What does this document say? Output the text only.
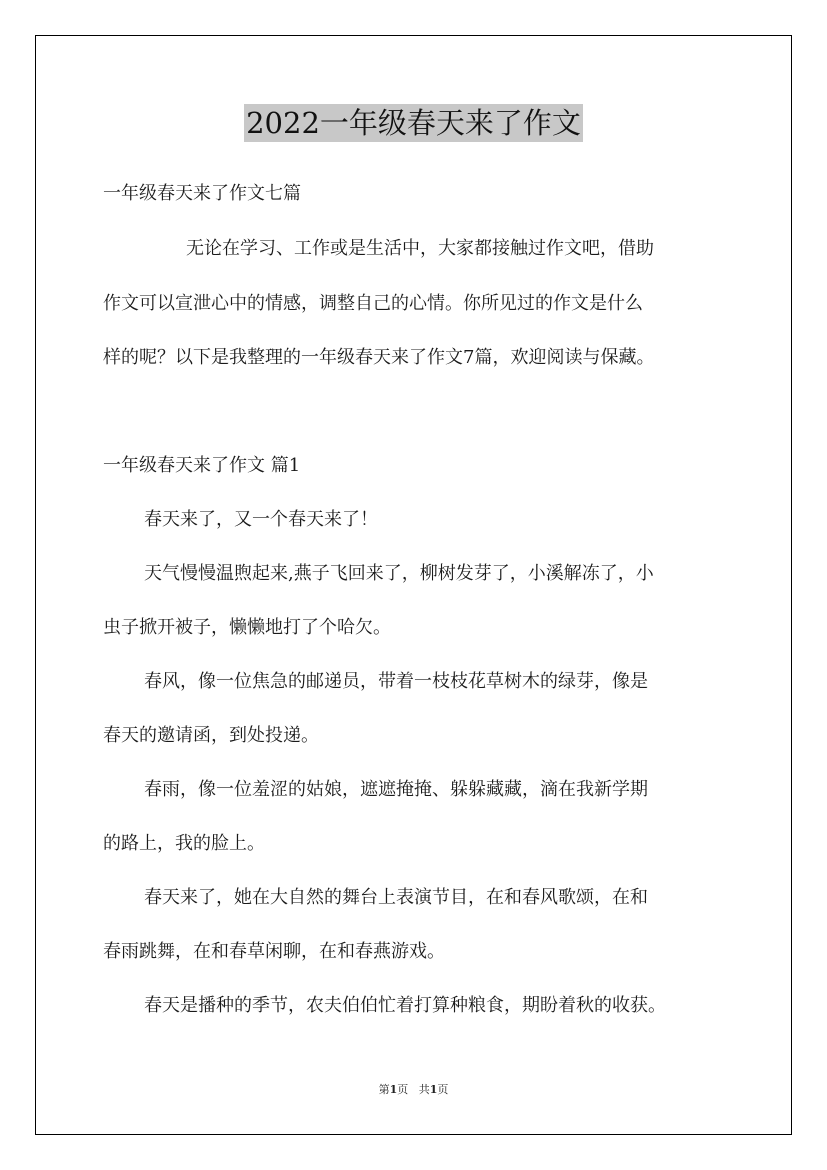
2022一年级春天来了作文
一年级春天来了作文七篇
无论在学习、工作或是生活中，大家都接触过作文吧，借助
作文可以宣泄心中的情感，调整自己的心情。你所见过的作文是什么
样的呢？以下是我整理的一年级春天来了作文7篇，欢迎阅读与保藏。
一年级春天来了作文 篇1
春天来了，又一个春天来了！
天气慢慢温煦起来,燕子飞回来了，柳树发芽了，小溪解冻了，小
虫子掀开被子，懒懒地打了个哈欠。
春风，像一位焦急的邮递员，带着一枝枝花草树木的绿芽，像是
春天的邀请函，到处投递。
春雨，像一位羞涩的姑娘，遮遮掩掩、躲躲藏藏，滴在我新学期
的路上，我的脸上。
春天来了，她在大自然的舞台上表演节目，在和春风歌颂，在和
春雨跳舞，在和春草闲聊，在和春燕游戏。
春天是播种的季节，农夫伯伯忙着打算种粮食，期盼着秋的收获。
第1页 共1页
